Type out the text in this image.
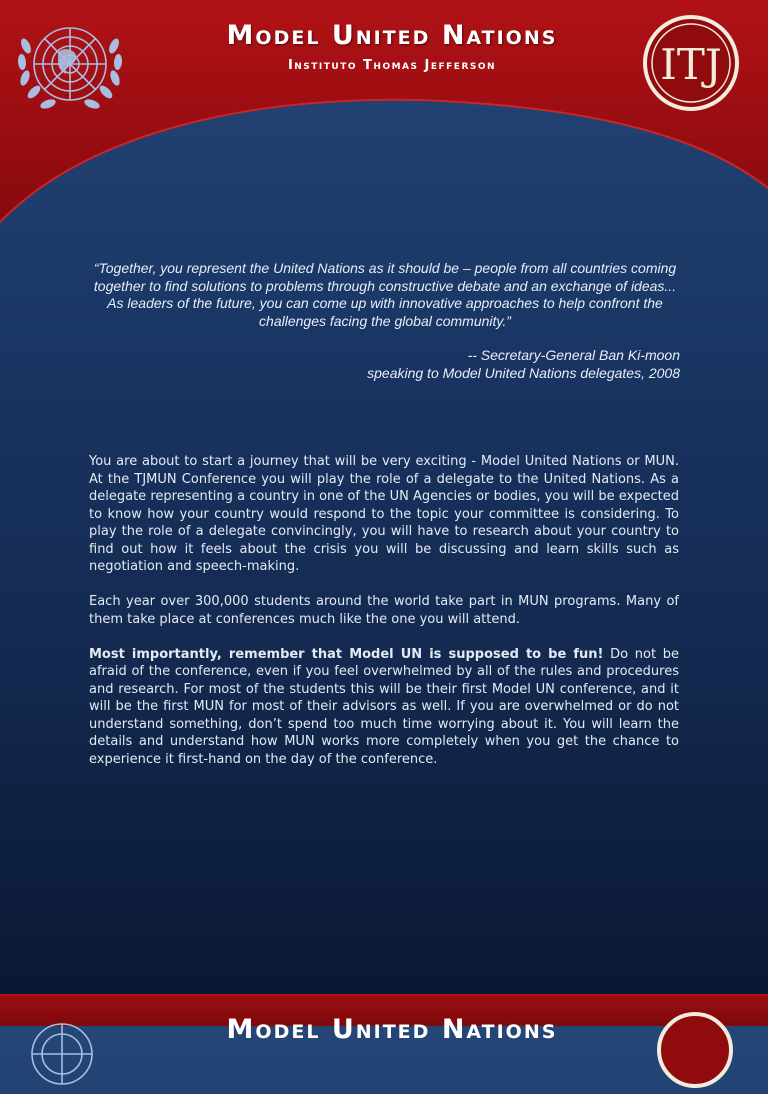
Model United Nations
Instituto Thomas Jefferson	ITJ
“Together, you represent the United Nations as it should be – people from all countries coming together to find solutions to problems through constructive debate and an exchange of ideas... As leaders of the future, you can come up with innovative approaches to help confront the challenges facing the global community.”
-- Secretary-General Ban Ki-moon
speaking to Model United Nations delegates, 2008

You are about to start a journey that will be very exciting - Model United Nations or MUN. At the TJMUN Conference you will play the role of a delegate to the United Nations. As a delegate representing a country in one of the UN Agencies or bodies, you will be expected to know how your country would respond to the topic your committee is considering. To play the role of a delegate convincingly, you will have to research about your country to find out how it feels about the crisis you will be discussing and learn skills such as negotiation and speech-making.

Each year over 300,000 students around the world take part in MUN programs. Many of them take place at conferences much like the one you will attend.

Most importantly, remember that Model UN is supposed to be fun! Do not be afraid of the conference, even if you feel overwhelmed by all of the rules and procedures and research. For most of the students this will be their first Model UN conference, and it will be the first MUN for most of their advisors as well. If you are overwhelmed or do not understand something, don’t spend too much time worrying about it. You will learn the details and understand how MUN works more completely when you get the chance to experience it first-hand on the day of the conference.

Model United Nations
